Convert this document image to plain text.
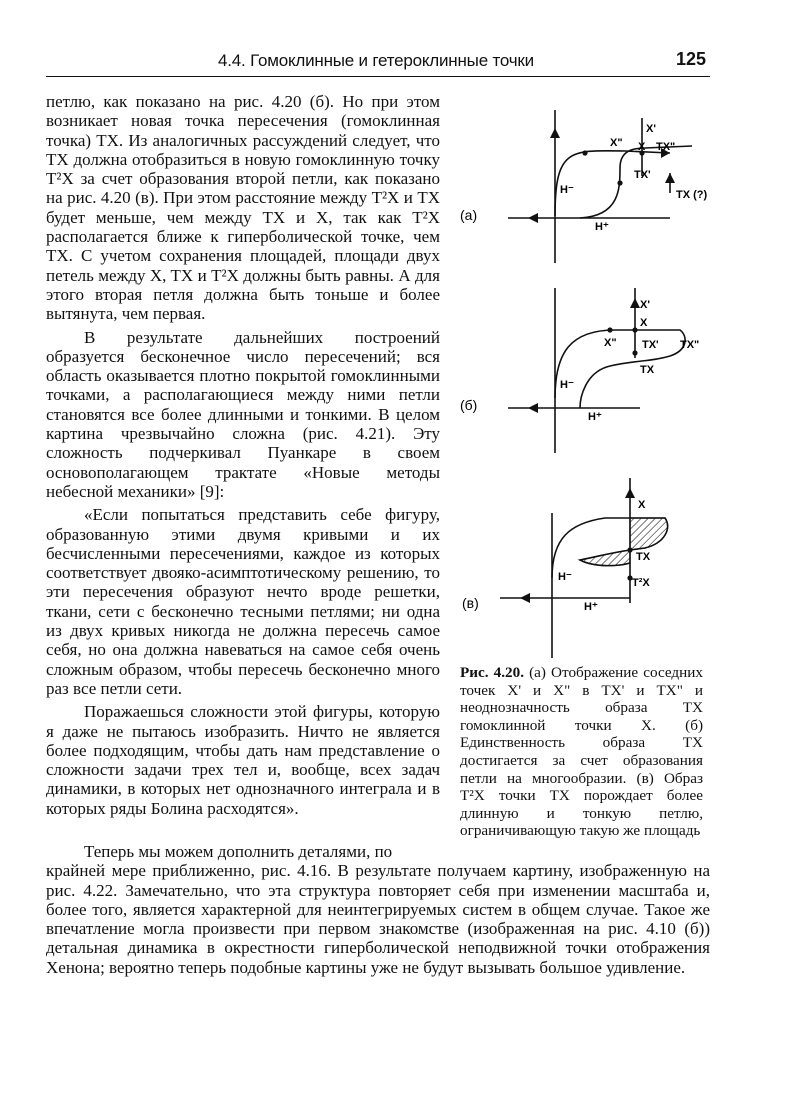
4.4. Гомоклинные и гетероклинные точки	125

петлю, как показано на рис. 4.20 (б). Но при этом возникает новая точка пересечения (гомоклинная точка) TX. Из аналогичных рассуждений следует, что TX должна отобразиться в новую гомоклинную точку T²X за счет образования второй петли, как показано на рис. 4.20 (в). При этом расстояние между T²X и TX будет меньше, чем между TX и X, так как T²X располагается ближе к гиперболической точке, чем TX. С учетом сохранения площадей, площади двух петель между X, TX и T²X должны быть равны. А для этого вторая петля должна быть тоньше и более вытянута, чем первая.

В результате дальнейших построений образуется бесконечное число пересечений; вся область оказывается плотно покрытой гомоклинными точками, а располагающиеся между ними петли становятся все более длинными и тонкими. В целом картина чрезвычайно сложна (рис. 4.21). Эту сложность подчеркивал Пуанкаре в своем основополагающем трактате «Новые методы небесной механики» [9]:

«Если попытаться представить себе фигуру, образованную этими двумя кривыми и их бесчисленными пересечениями, каждое из которых соответствует двояко-асимптотическому решению, то эти пересечения образуют нечто вроде решетки, ткани, сети с бесконечно тесными петлями; ни одна из двух кривых никогда не должна пересечь самое себя, но она должна навеваться на самое себя очень сложным образом, чтобы пересечь бесконечно много раз все петли сети.

Поражаешься сложности этой фигуры, которую я даже не пытаюсь изобразить. Ничто не является более подходящим, чтобы дать нам представление о сложности задачи трех тел и, вообще, всех задач динамики, в которых нет однозначного интеграла и в которых ряды Болина расходятся».

Теперь мы можем дополнить деталями, по
крайней мере приближенно, рис. 4.16. В результате получаем картину, изображенную на рис. 4.22. Замечательно, что эта структура повторяет себя при изменении масштаба и, более того, является характерной для неинтегрируемых систем в общем случае. Такое же впечатление могла произвести при первом знакомстве (изображенная на рис. 4.10 (б)) детальная динамика в окрестности гиперболической неподвижной точки отображения Хенона; вероятно теперь подобные картины уже не будут вызывать большое удивление.
(а)
X'
X" X TX"
TX'
TX (?)
H⁻
H⁺
(б)
X'
X
X" TX' TX"
TX
H⁻
H⁺
(в)
X
TX
T²X
H⁻
H⁺
Рис. 4.20. (а) Отображение соседних точек X' и X" в TX' и TX" и неоднозначность образа TX гомоклинной точки X. (б) Единственность образа TX достигается за счет образования петли на многообразии. (в) Образ T²X точки TX порождает более длинную и тонкую петлю, ограничивающую такую же площадь
